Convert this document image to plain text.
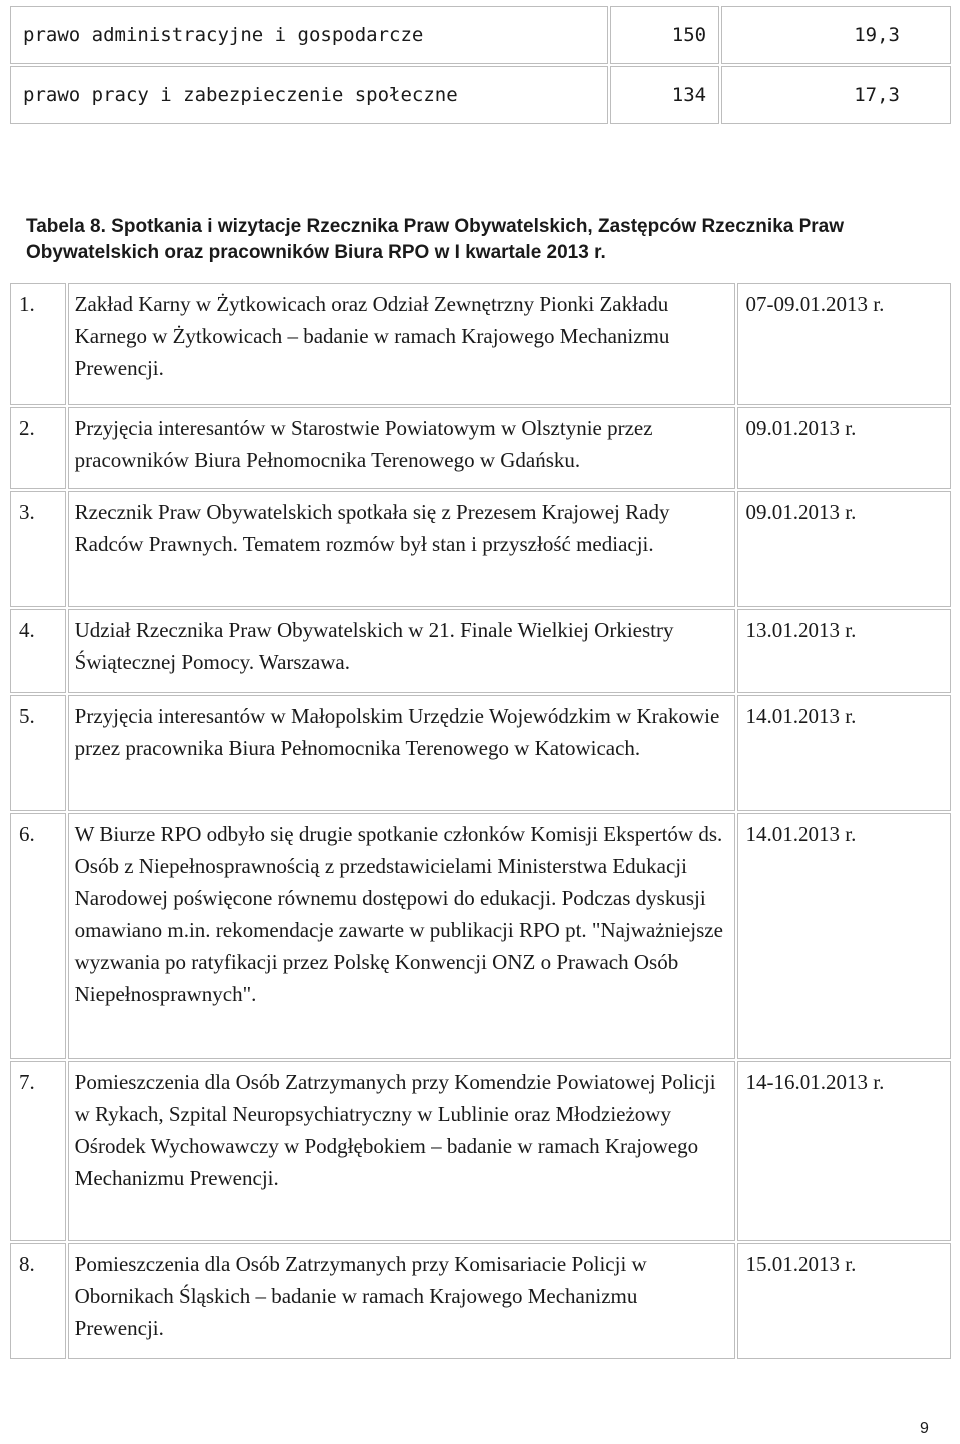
prawo administracyjne i gospodarcze	150	19,3
prawo pracy i zabezpieczenie społeczne	134	17,3
Tabela 8. Spotkania i wizytacje Rzecznika Praw Obywatelskich, Zastępców Rzecznika Praw Obywatelskich oraz pracowników Biura RPO w I kwartale 2013 r.
1.	Zakład Karny w Żytkowicach oraz Odział Zewnętrzny Pionki Zakładu Karnego w Żytkowicach – badanie w ramach Krajowego Mechanizmu Prewencji.	07-09.01.2013 r.
2.	Przyjęcia interesantów w Starostwie Powiatowym w Olsztynie przez pracowników Biura Pełnomocnika Terenowego w Gdańsku.	09.01.2013 r.
3.	Rzecznik Praw Obywatelskich spotkała się z Prezesem Krajowej Rady Radców Prawnych. Tematem rozmów był stan i przyszłość mediacji.	09.01.2013 r.
4.	Udział Rzecznika Praw Obywatelskich w 21. Finale Wielkiej Orkiestry Świątecznej Pomocy. Warszawa.	13.01.2013 r.
5.	Przyjęcia interesantów w Małopolskim Urzędzie Wojewódzkim w Krakowie przez pracownika Biura Pełnomocnika Terenowego w Katowicach.	14.01.2013 r.
6.	W Biurze RPO odbyło się drugie spotkanie członków Komisji Ekspertów ds. Osób z Niepełnosprawnością z przedstawicielami Ministerstwa Edukacji Narodowej poświęcone równemu dostępowi do edukacji. Podczas dyskusji omawiano m.in. rekomendacje zawarte w publikacji RPO pt. "Najważniejsze wyzwania po ratyfikacji przez Polskę Konwencji ONZ o Prawach Osób Niepełnosprawnych".	14.01.2013 r.
7.	Pomieszczenia dla Osób Zatrzymanych przy Komendzie Powiatowej Policji w Rykach, Szpital Neuropsychiatryczny w Lublinie oraz Młodzieżowy Ośrodek Wychowawczy w Podgłębokiem – badanie w ramach Krajowego Mechanizmu Prewencji.	14-16.01.2013 r.
8.	Pomieszczenia dla Osób Zatrzymanych przy Komisariacie Policji w Obornikach Śląskich – badanie w ramach Krajowego Mechanizmu Prewencji.	15.01.2013 r.
9
